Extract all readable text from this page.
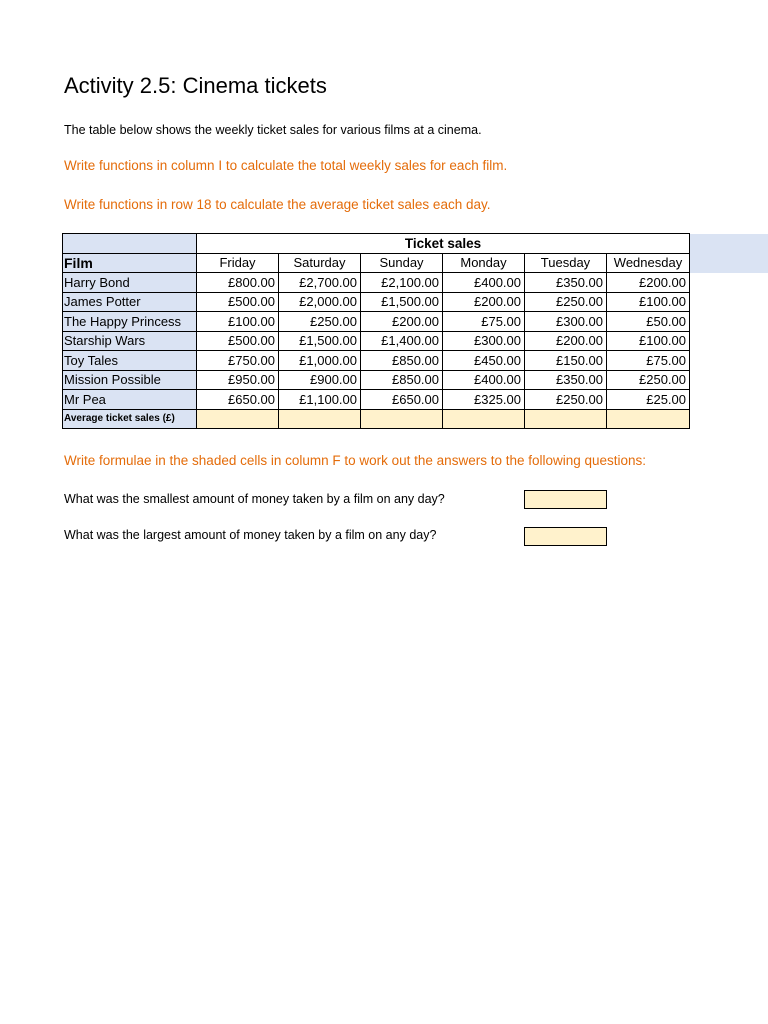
Activity 2.5: Cinema tickets
The table below shows the weekly ticket sales for various films at a cinema.
Write functions in column I to calculate the total weekly sales for each film.
Write functions in row 18 to calculate the average ticket sales each day.
	Ticket sales					
Film	Friday	Saturday	Sunday	Monday	Tuesday	Wednesday
Harry Bond	£800.00	£2,700.00	£2,100.00	£400.00	£350.00	£200.00
James Potter	£500.00	£2,000.00	£1,500.00	£200.00	£250.00	£100.00
The Happy Princess	£100.00	£250.00	£200.00	£75.00	£300.00	£50.00
Starship Wars	£500.00	£1,500.00	£1,400.00	£300.00	£200.00	£100.00
Toy Tales	£750.00	£1,000.00	£850.00	£450.00	£150.00	£75.00
Mission Possible	£950.00	£900.00	£850.00	£400.00	£350.00	£250.00
Mr Pea	£650.00	£1,100.00	£650.00	£325.00	£250.00	£25.00
Average ticket sales (£)						
Write formulae in the shaded cells in column F to work out the answers to the following questions:
What was the smallest amount of money taken by a film on any day?
What was the largest amount of money taken by a film on any day?
